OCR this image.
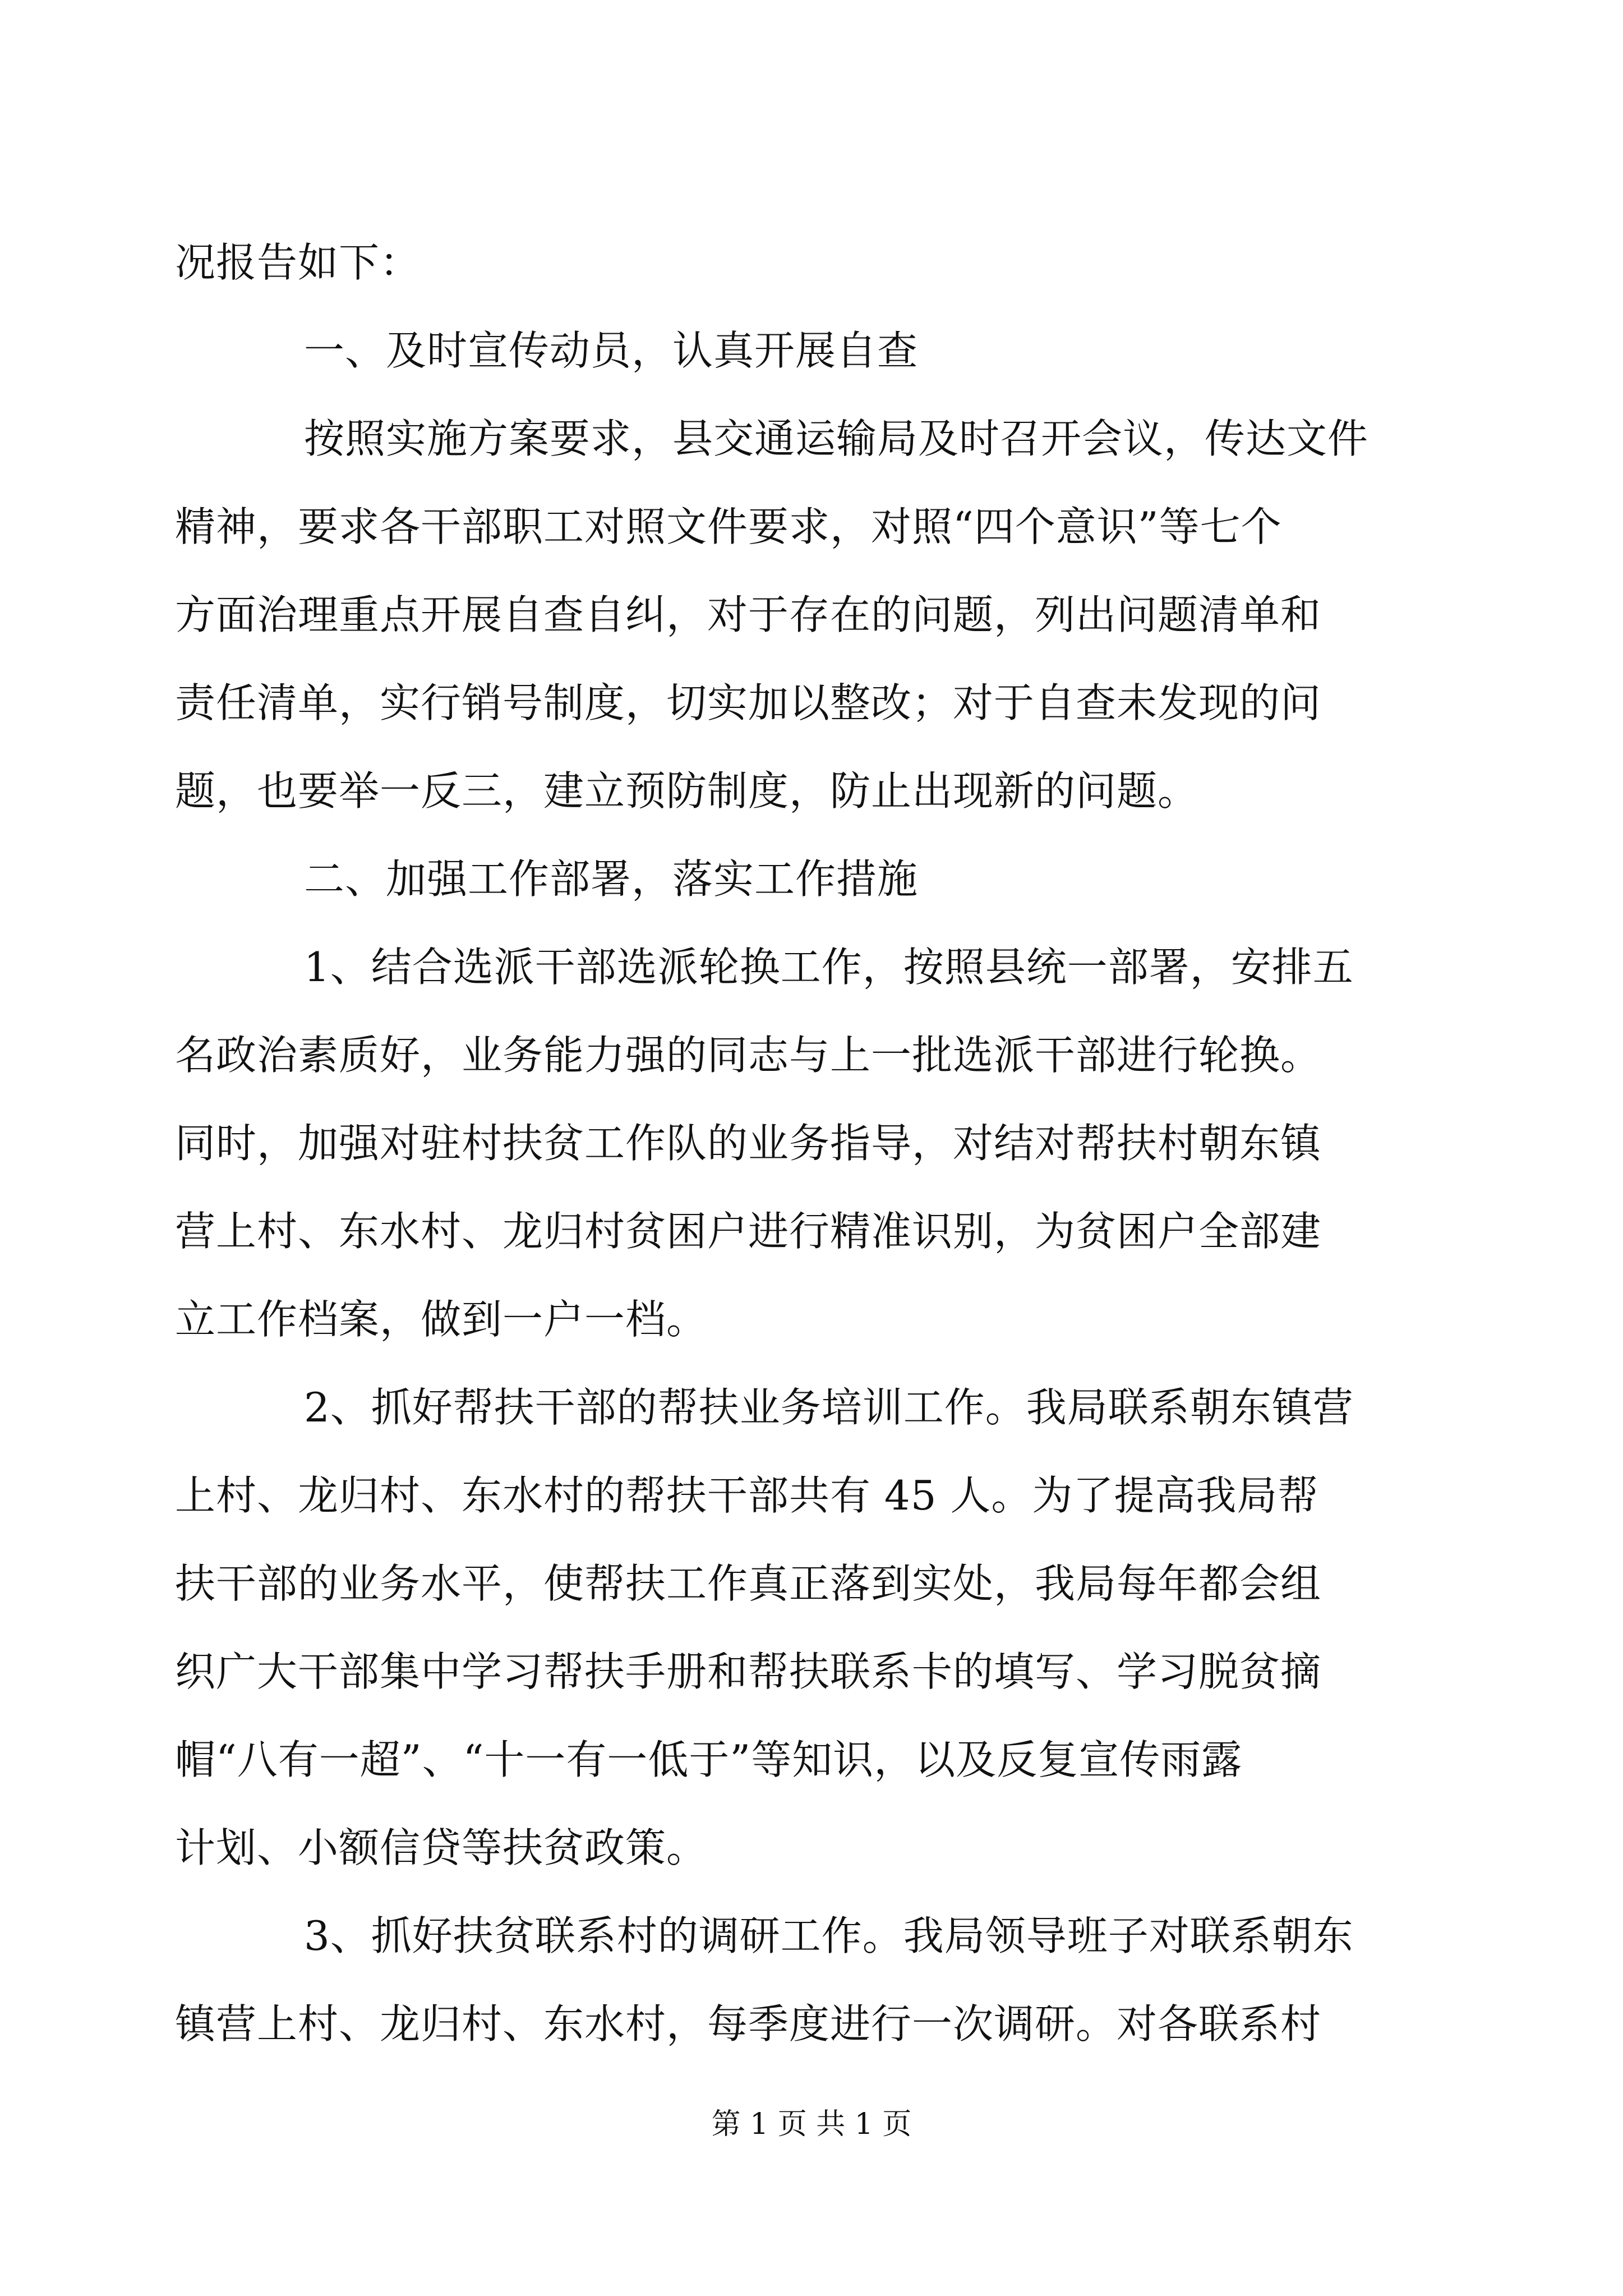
况报告如下：
一、及时宣传动员，认真开展自查
按照实施方案要求，县交通运输局及时召开会议，传达文件
精神，要求各干部职工对照文件要求，对照“四个意识”等七个
方面治理重点开展自查自纠，对于存在的问题，列出问题清单和
责任清单，实行销号制度，切实加以整改；对于自查未发现的问
题，也要举一反三，建立预防制度，防止出现新的问题。
二、加强工作部署，落实工作措施
1、结合选派干部选派轮换工作，按照县统一部署，安排五
名政治素质好，业务能力强的同志与上一批选派干部进行轮换。
同时，加强对驻村扶贫工作队的业务指导，对结对帮扶村朝东镇
营上村、东水村、龙归村贫困户进行精准识别，为贫困户全部建
立工作档案，做到一户一档。
2、抓好帮扶干部的帮扶业务培训工作。我局联系朝东镇营
上村、龙归村、东水村的帮扶干部共有 45 人。为了提高我局帮
扶干部的业务水平，使帮扶工作真正落到实处，我局每年都会组
织广大干部集中学习帮扶手册和帮扶联系卡的填写、学习脱贫摘
帽“八有一超”、“十一有一低于”等知识，以及反复宣传雨露
计划、小额信贷等扶贫政策。
3、抓好扶贫联系村的调研工作。我局领导班子对联系朝东
镇营上村、龙归村、东水村，每季度进行一次调研。对各联系村
第 1 页 共 1 页
